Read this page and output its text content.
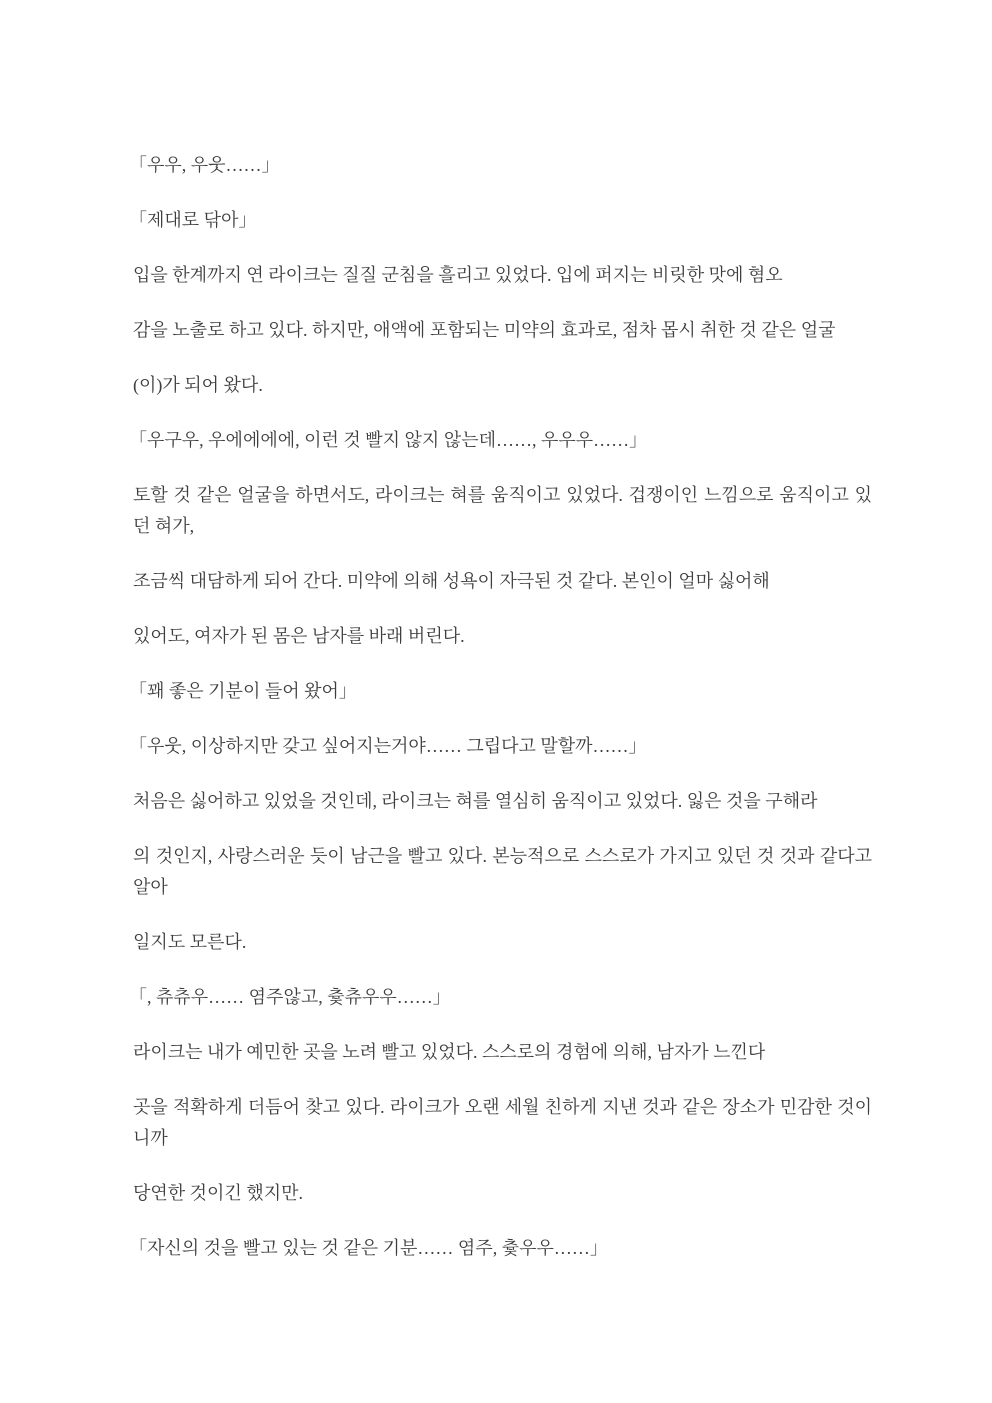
「우우, 우웃……」

「제대로 닦아」

입을 한계까지 연 라이크는 질질 군침을 흘리고 있었다. 입에 퍼지는 비릿한 맛에 혐오

감을 노출로 하고 있다. 하지만, 애액에 포함되는 미약의 효과로, 점차 몹시 취한 것 같은 얼굴

(이)가 되어 왔다.

「우구우, 우에에에에, 이런 것 빨지 않지 않는데……, 우우우……」

토할 것 같은 얼굴을 하면서도, 라이크는 혀를 움직이고 있었다. 겁쟁이인 느낌으로 움직이고 있던 혀가,

조금씩 대담하게 되어 간다. 미약에 의해 성욕이 자극된 것 같다. 본인이 얼마 싫어해

있어도, 여자가 된 몸은 남자를 바래 버린다.

「꽤 좋은 기분이 들어 왔어」

「우웃, 이상하지만 갖고 싶어지는거야…… 그립다고 말할까……」

처음은 싫어하고 있었을 것인데, 라이크는 혀를 열심히 움직이고 있었다. 잃은 것을 구해라

의 것인지, 사랑스러운 듯이 남근을 빨고 있다. 본능적으로 스스로가 가지고 있던 것 것과 같다고 알아

일지도 모른다.

「, 츄츄우…… 염주않고, 츛츄우우……」

라이크는 내가 예민한 곳을 노려 빨고 있었다. 스스로의 경험에 의해, 남자가 느낀다

곳을 적확하게 더듬어 찾고 있다. 라이크가 오랜 세월 친하게 지낸 것과 같은 장소가 민감한 것이니까

당연한 것이긴 했지만.

「자신의 것을 빨고 있는 것 같은 기분…… 염주, 츛우우……」
